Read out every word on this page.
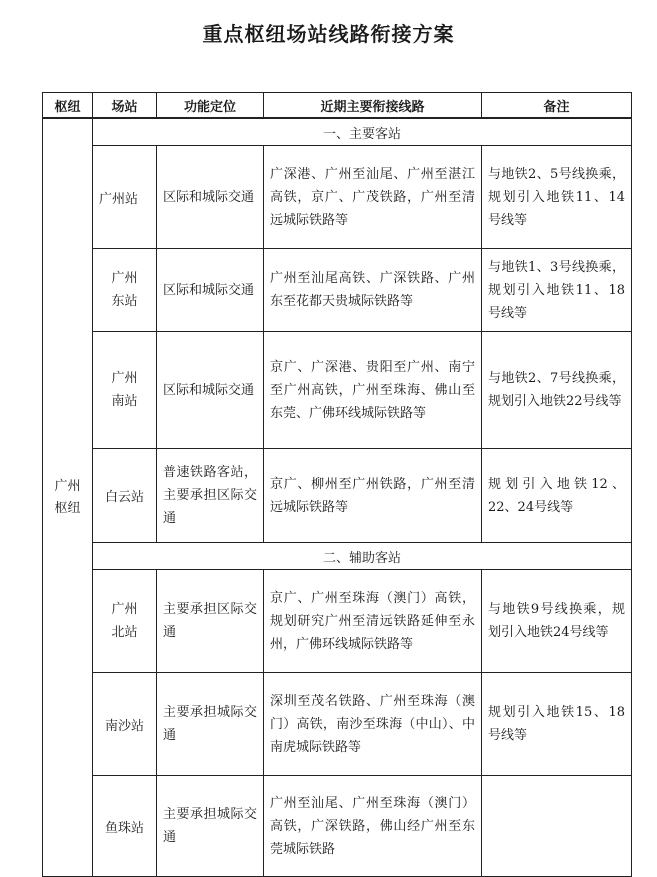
重点枢纽场站线路衔接方案
枢纽	场站	功能定位	近期主要衔接线路	备注
广州枢纽	一、主要客站			
	广州站	区际和城际交通	广深港、广州至汕尾、广州至湛江高铁，京广、广茂铁路，广州至清远城际铁路等	与地铁2、5号线换乘，规划引入地铁11、14号线等
	广州东站	区际和城际交通	广州至汕尾高铁、广深铁路、广州东至花都天贵城际铁路等	与地铁1、3号线换乘，规划引入地铁11、18号线等
	广州南站	区际和城际交通	京广、广深港、贵阳至广州、南宁至广州高铁，广州至珠海、佛山至东莞、广佛环线城际铁路等	与地铁2、7号线换乘，规划引入地铁22号线等
	白云站	普速铁路客站，主要承担区际交通	京广、柳州至广州铁路，广州至清远城际铁路等	规划引入地铁12、22、24号线等
	二、辅助客站			
	广州北站	主要承担区际交通	京广、广州至珠海（澳门）高铁，规划研究广州至清远铁路延伸至永州，广佛环线城际铁路等	与地铁9号线换乘，规划引入地铁24号线等
	南沙站	主要承担城际交通	深圳至茂名铁路、广州至珠海（澳门）高铁，南沙至珠海（中山）、中南虎城际铁路等	规划引入地铁15、18号线等
	鱼珠站	主要承担城际交通	广州至汕尾、广州至珠海（澳门）高铁，广深铁路，佛山经广州至东莞城际铁路	
